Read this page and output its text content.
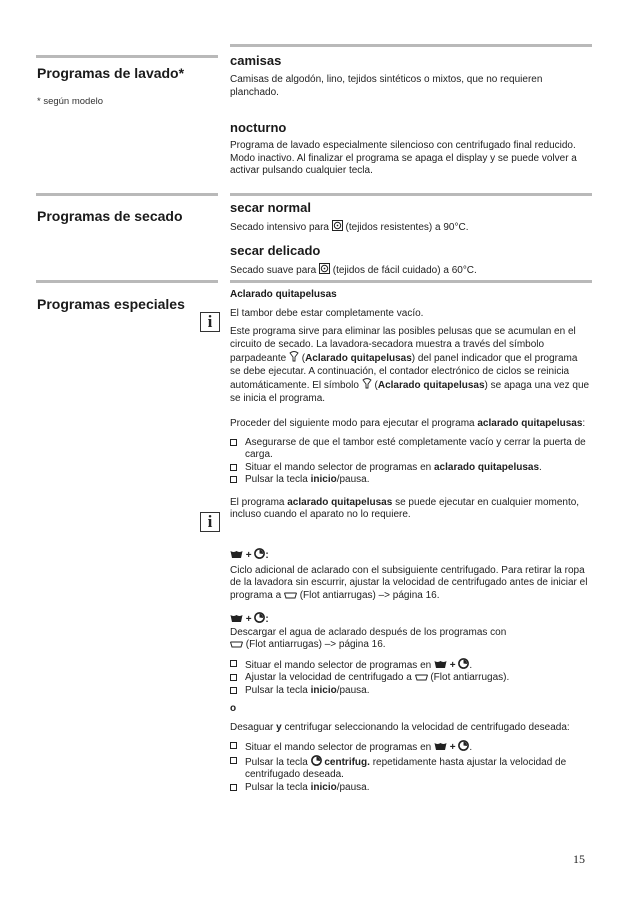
Programas de lavado*
* según modelo
Programas de secado
Programas especiales
i
i
camisas
Camisas de algodón, lino, tejidos sintéticos o mixtos, que no requieren planchado.
nocturno
Programa de lavado especialmente silencioso con centrifugado final reducido.
Modo inactivo. Al finalizar el programa se apaga el display y se puede volver a activar pulsando cualquier tecla.
secar normal
Secado intensivo para (tejidos resistentes) a 90°C.
secar delicado
Secado suave para (tejidos de fácil cuidado) a 60°C.
Aclarado quitapelusas
El tambor debe estar completamente vacío.
Este programa sirve para eliminar las posibles pelusas que se acumulan en el circuito de secado. La lavadora-secadora muestra a través del símbolo parpadeante  (Aclarado quitapelusas) del panel indicador que el programa se debe ejecutar. A continuación, el contador electrónico de ciclos se reinicia automáticamente. El símbolo  (Aclarado quitapelusas) se apaga una vez que se inicia el programa.
Proceder del siguiente modo para ejecutar el programa aclarado quitapelusas:
Asegurarse de que el tambor esté completamente vacío y cerrar la puerta de carga.
Situar el mando selector de programas en aclarado quitapelusas.
Pulsar la tecla inicio/pausa.
El programa aclarado quitapelusas se puede ejecutar en cualquier momento, incluso cuando el aparato no lo requiere.
+ :
Ciclo adicional de aclarado con el subsiguiente centrifugado. Para retirar la ropa de la lavadora sin escurrir, ajustar la velocidad de centrifugado antes de iniciar el programa a (Flot antiarrugas) –> página 16.
+ :
Descargar el agua de aclarado después de los programas con
(Flot antiarrugas) –> página 16.
Situar el mando selector de programas en + .
Ajustar la velocidad de centrifugado a (Flot antiarrugas).
Pulsar la tecla inicio/pausa.
o
Desaguar y centrifugar seleccionando la velocidad de centrifugado deseada:
Situar el mando selector de programas en + .
Pulsar la tecla centrifug. repetidamente hasta ajustar la velocidad de centrifugado deseada.
Pulsar la tecla inicio/pausa.
15
